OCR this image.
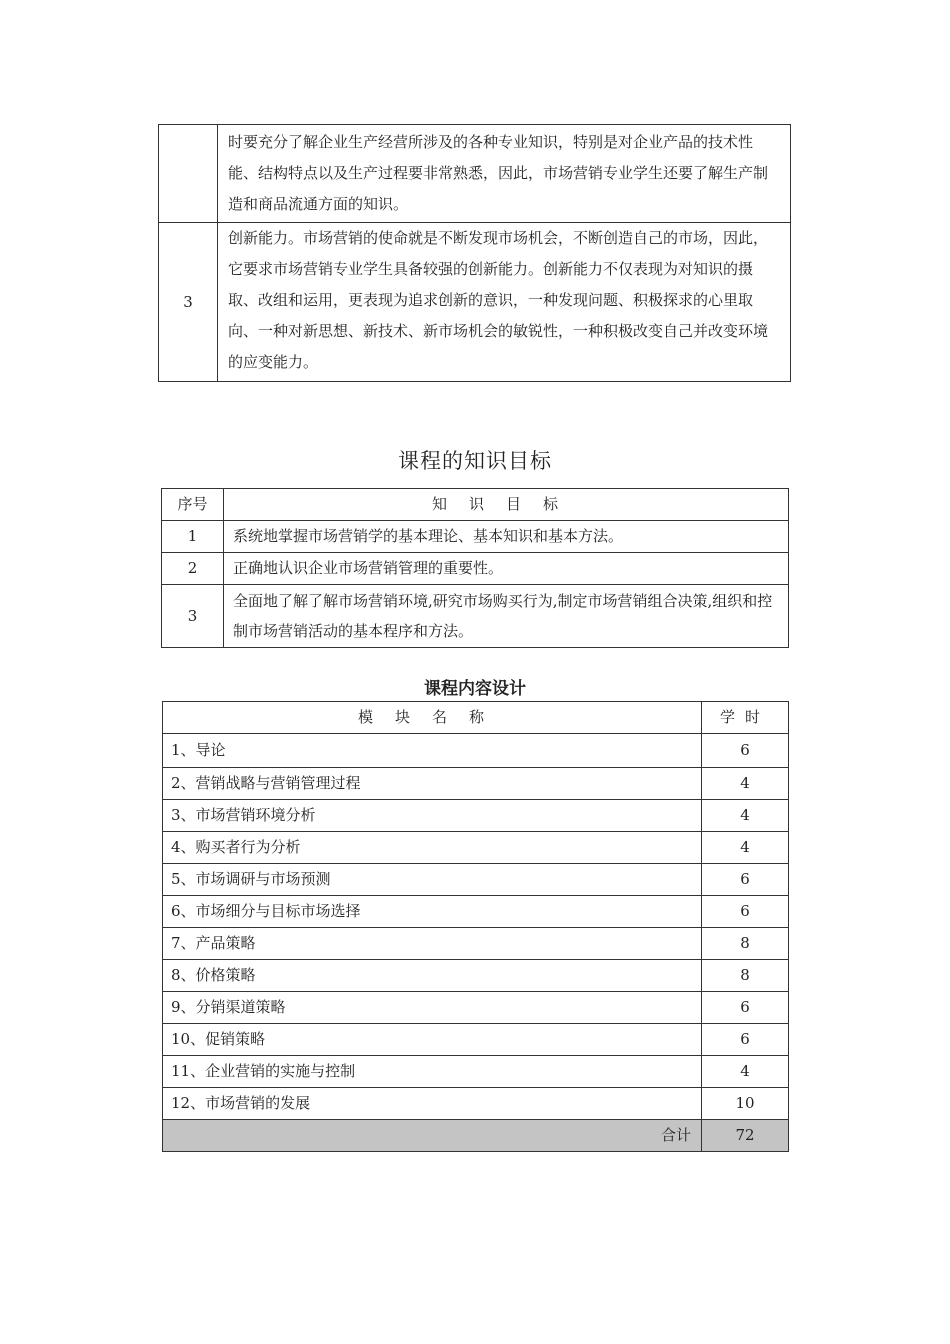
	时要充分了解企业生产经营所涉及的各种专业知识，特别是对企业产品的技术性能、结构特点以及生产过程要非常熟悉，因此，市场营销专业学生还要了解生产制造和商品流通方面的知识。
3	创新能力。市场营销的使命就是不断发现市场机会，不断创造自己的市场，因此，它要求市场营销专业学生具备较强的创新能力。创新能力不仅表现为对知识的摄取、改组和运用，更表现为追求创新的意识，一种发现问题、积极探求的心里取向、一种对新思想、新技术、新市场机会的敏锐性，一种积极改变自己并改变环境的应变能力。
课程的知识目标
序号	知识目标
1	系统地掌握市场营销学的基本理论、基本知识和基本方法。
2	正确地认识企业市场营销管理的重要性。
3	全面地了解了解市场营销环境,研究市场购买行为,制定市场营销组合决策,组织和控制市场营销活动的基本程序和方法。
课程内容设计
模块名称	学时
1、导论	6
2、营销战略与营销管理过程	4
3、市场营销环境分析	4
4、购买者行为分析	4
5、市场调研与市场预测	6
6、市场细分与目标市场选择	6
7、产品策略	8
8、价格策略	8
9、分销渠道策略	6
10、促销策略	6
11、企业营销的实施与控制	4
12、市场营销的发展	10
合计	72
